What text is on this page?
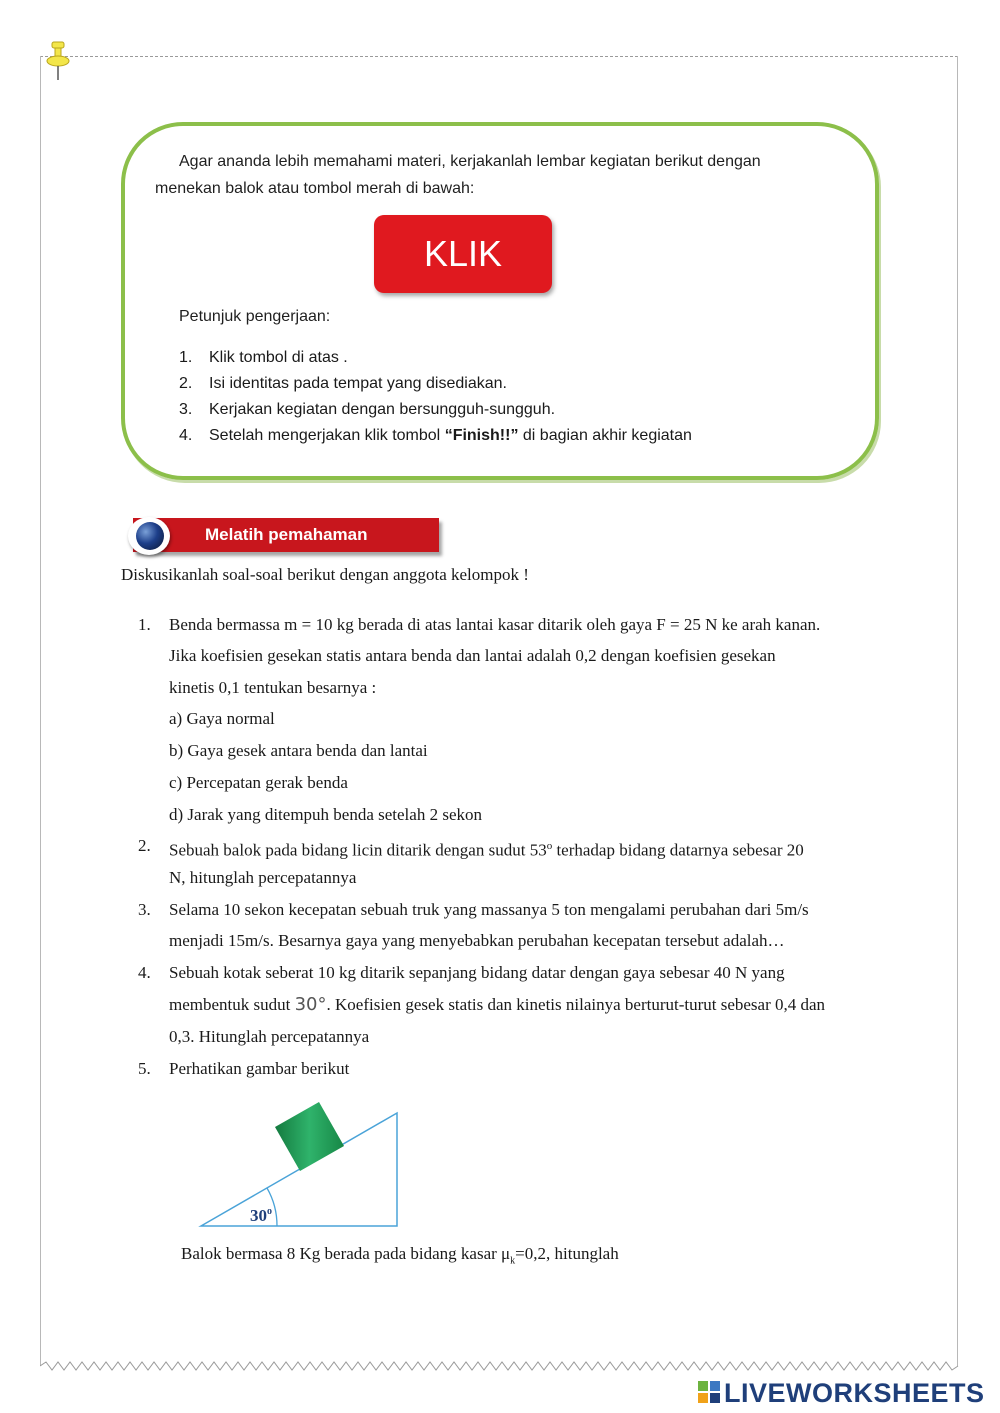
Agar ananda lebih memahami materi, kerjakanlah lembar kegiatan berikut dengan
menekan balok atau tombol merah di bawah:
KLIK
Petunjuk pengerjaan:
1. Klik tombol di atas .
2. Isi identitas pada tempat yang disediakan.
3. Kerjakan kegiatan dengan bersungguh-sungguh.
4. Setelah mengerjakan klik tombol “Finish!!” di bagian akhir kegiatan
Melatih pemahaman
Diskusikanlah soal-soal berikut dengan anggota kelompok !
1.	Benda bermassa m = 10 kg berada di atas lantai kasar ditarik oleh gaya F = 25 N ke arah kanan.
Jika koefisien gesekan statis antara benda dan lantai adalah 0,2 dengan koefisien gesekan
kinetis 0,1 tentukan besarnya :
a) Gaya normal
b) Gaya gesek antara benda dan lantai
c) Percepatan gerak benda
d) Jarak yang ditempuh benda setelah 2 sekon
2.	Sebuah balok pada bidang licin ditarik dengan sudut 53$^o$ terhadap bidang datarnya sebesar 20
N, hitunglah percepatannya
3.	Selama 10 sekon kecepatan sebuah truk yang massanya 5 ton mengalami perubahan dari 5m/s
menjadi 15m/s. Besarnya gaya yang menyebabkan perubahan kecepatan tersebut adalah…
4.	Sebuah kotak seberat 10 kg ditarik sepanjang bidang datar dengan gaya sebesar 40 N yang
membentuk sudut 30°. Koefisien gesek statis dan kinetis nilainya berturut-turut sebesar 0,4 dan
0,3. Hitunglah percepatannya
5.	Perhatikan gambar berikut
30$^o$
Balok bermasa 8 Kg berada pada bidang kasar $\mu_k=0,2$, hitunglah
LIVEWORKSHEETS
